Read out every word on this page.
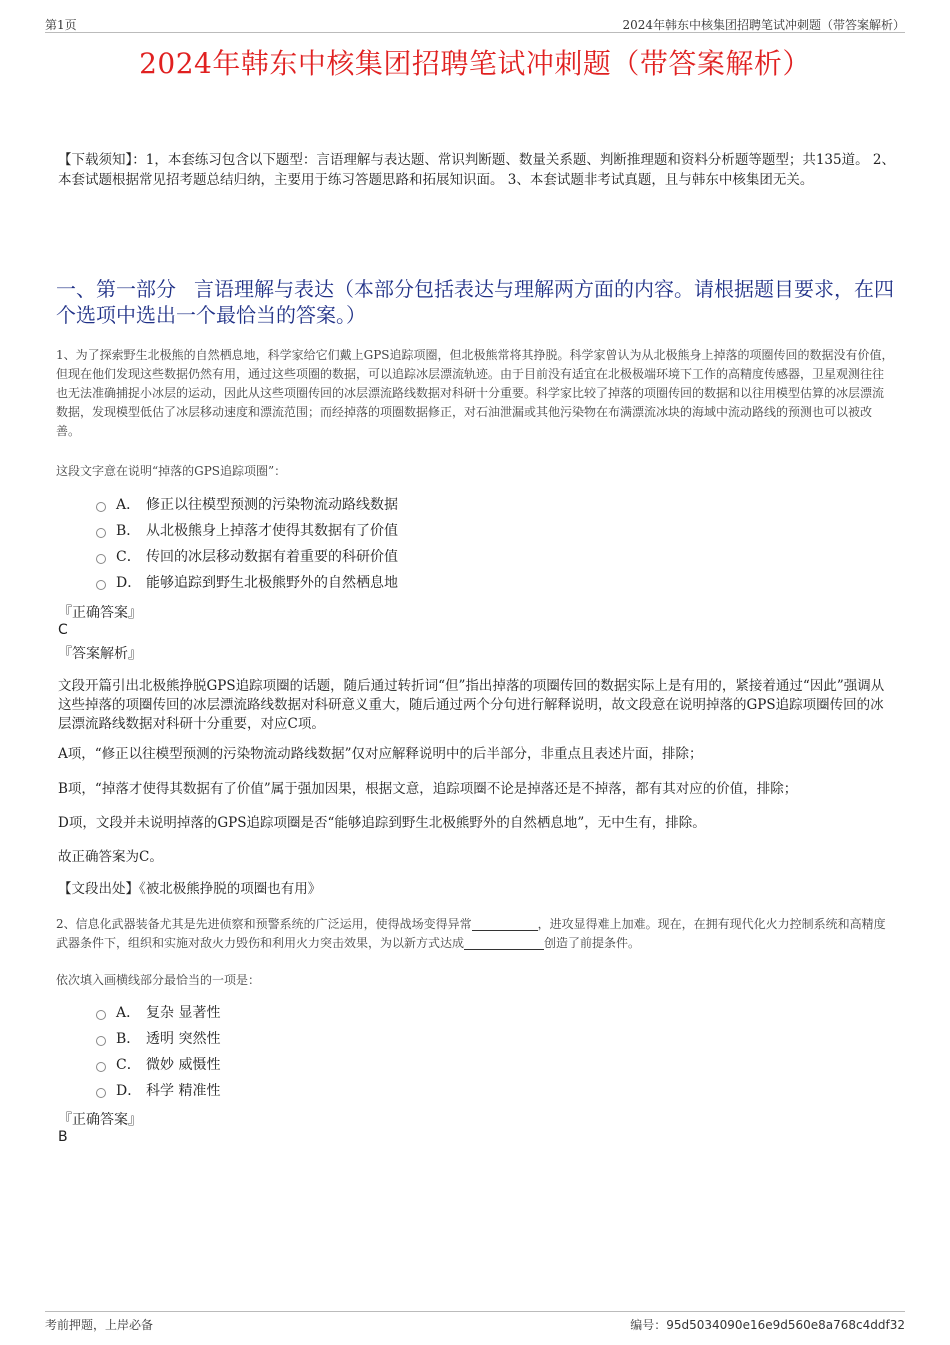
第1页	2024年韩东中核集团招聘笔试冲刺题（带答案解析）
2024年韩东中核集团招聘笔试冲刺题（带答案解析）
【下载须知】：1，本套练习包含以下题型：言语理解与表达题、常识判断题、数量关系题、判断推理题和资料分析题等题型；共135道。 2、本套试题根据常见招考题总结归纳，主要用于练习答题思路和拓展知识面。 3、本套试题非考试真题，且与韩东中核集团无关。
一、第一部分 言语理解与表达（本部分包括表达与理解两方面的内容。请根据题目要求，在四个选项中选出一个最恰当的答案。）
1、为了探索野生北极熊的自然栖息地，科学家给它们戴上GPS追踪项圈，但北极熊常将其挣脱。科学家曾认为从北极熊身上掉落的项圈传回的数据没有价值，但现在他们发现这些数据仍然有用，通过这些项圈的数据，可以追踪冰层漂流轨迹。由于目前没有适宜在北极极端环境下工作的高精度传感器，卫星观测往往也无法准确捕捉小冰层的运动，因此从这些项圈传回的冰层漂流路线数据对科研十分重要。科学家比较了掉落的项圈传回的数据和以往用模型估算的冰层漂流数据，发现模型低估了冰层移动速度和漂流范围；而经掉落的项圈数据修正，对石油泄漏或其他污染物在布满漂流冰块的海域中流动路线的预测也可以被改善。
这段文字意在说明“掉落的GPS追踪项圈”：
A． 修正以往模型预测的污染物流动路线数据
B． 从北极熊身上掉落才使得其数据有了价值
C． 传回的冰层移动数据有着重要的科研价值
D． 能够追踪到野生北极熊野外的自然栖息地
『正确答案』
C
『答案解析』
文段开篇引出北极熊挣脱GPS追踪项圈的话题，随后通过转折词“但”指出掉落的项圈传回的数据实际上是有用的，紧接着通过“因此”强调从这些掉落的项圈传回的冰层漂流路线数据对科研意义重大，随后通过两个分句进行解释说明，故文段意在说明掉落的GPS追踪项圈传回的冰层漂流路线数据对科研十分重要，对应C项。
A项，“修正以往模型预测的污染物流动路线数据”仅对应解释说明中的后半部分，非重点且表述片面，排除；
B项，“掉落才使得其数据有了价值”属于强加因果，根据文意，追踪项圈不论是掉落还是不掉落，都有其对应的价值，排除；
D项，文段并未说明掉落的GPS追踪项圈是否“能够追踪到野生北极熊野外的自然栖息地”，无中生有，排除。
故正确答案为C。
【文段出处】《被北极熊挣脱的项圈也有用》
2、信息化武器装备尤其是先进侦察和预警系统的广泛运用，使得战场变得异常	，进攻显得难上加难。现在，在拥有现代化火力控制系统和高精度武器条件下，组织和实施对敌火力毁伤和利用火力突击效果，为以新方式达成	创造了前提条件。
依次填入画横线部分最恰当的一项是：
A． 复杂 显著性
B． 透明 突然性
C． 微妙 威慑性
D． 科学 精准性
『正确答案』
B
考前押题，上岸必备	编号：95d5034090e16e9d560e8a768c4ddf32
